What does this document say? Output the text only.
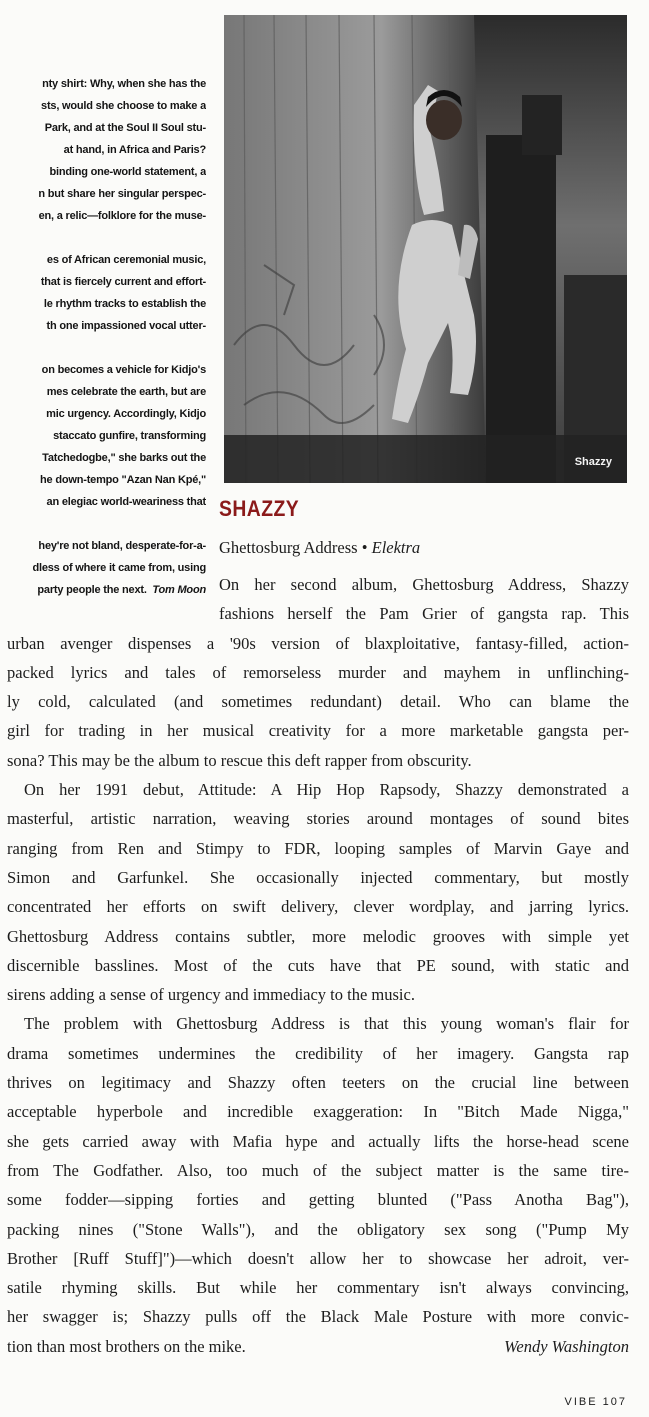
nty shirt: Why, when she has the
sts, would she choose to make a
Park, and at the Soul II Soul stu-
at hand, in Africa and Paris?
binding one-world statement, a
n but share her singular perspec-
en, a relic—folklore for the muse-
es of African ceremonial music,
that is fiercely current and effort-
le rhythm tracks to establish the
th one impassioned vocal utter-
on becomes a vehicle for Kidjo's
mes celebrate the earth, but are
mic urgency. Accordingly, Kidjo
staccato gunfire, transforming
Tatchedogbe," she barks out the
he down-tempo "Azan Nan Kpé,"
an elegiac world-weariness that
hey're not bland, desperate-for-a-
dless of where it came from, using
party people the next. Tom Moon
Shazzy
SHAZZY
Ghettosburg Address • Elektra
On her second album, Ghettosburg Address, Shazzy
fashions herself the Pam Grier of gangsta rap. This
urban avenger dispenses a '90s version of blaxploitative, fantasy-filled, action-
packed lyrics and tales of remorseless murder and mayhem in unflinching-
ly cold, calculated (and sometimes redundant) detail. Who can blame the
girl for trading in her musical creativity for a more marketable gangsta per-
sona? This may be the album to rescue this deft rapper from obscurity.
On her 1991 debut, Attitude: A Hip Hop Rapsody, Shazzy demonstrated a
masterful, artistic narration, weaving stories around montages of sound bites
ranging from Ren and Stimpy to FDR, looping samples of Marvin Gaye and
Simon and Garfunkel. She occasionally injected commentary, but mostly
concentrated her efforts on swift delivery, clever wordplay, and jarring lyrics.
Ghettosburg Address contains subtler, more melodic grooves with simple yet
discernible basslines. Most of the cuts have that PE sound, with static and
sirens adding a sense of urgency and immediacy to the music.
The problem with Ghettosburg Address is that this young woman's flair for
drama sometimes undermines the credibility of her imagery. Gangsta rap
thrives on legitimacy and Shazzy often teeters on the crucial line between
acceptable hyperbole and incredible exaggeration: In "Bitch Made Nigga,"
she gets carried away with Mafia hype and actually lifts the horse-head scene
from The Godfather. Also, too much of the subject matter is the same tire-
some fodder—sipping forties and getting blunted ("Pass Anotha Bag"),
packing nines ("Stone Walls"), and the obligatory sex song ("Pump My
Brother [Ruff Stuff]")—which doesn't allow her to showcase her adroit, ver-
satile rhyming skills. But while her commentary isn't always convincing,
her swagger is; Shazzy pulls off the Black Male Posture with more convic-
tion than most brothers on the mike.	Wendy Washington
VIBE 107
